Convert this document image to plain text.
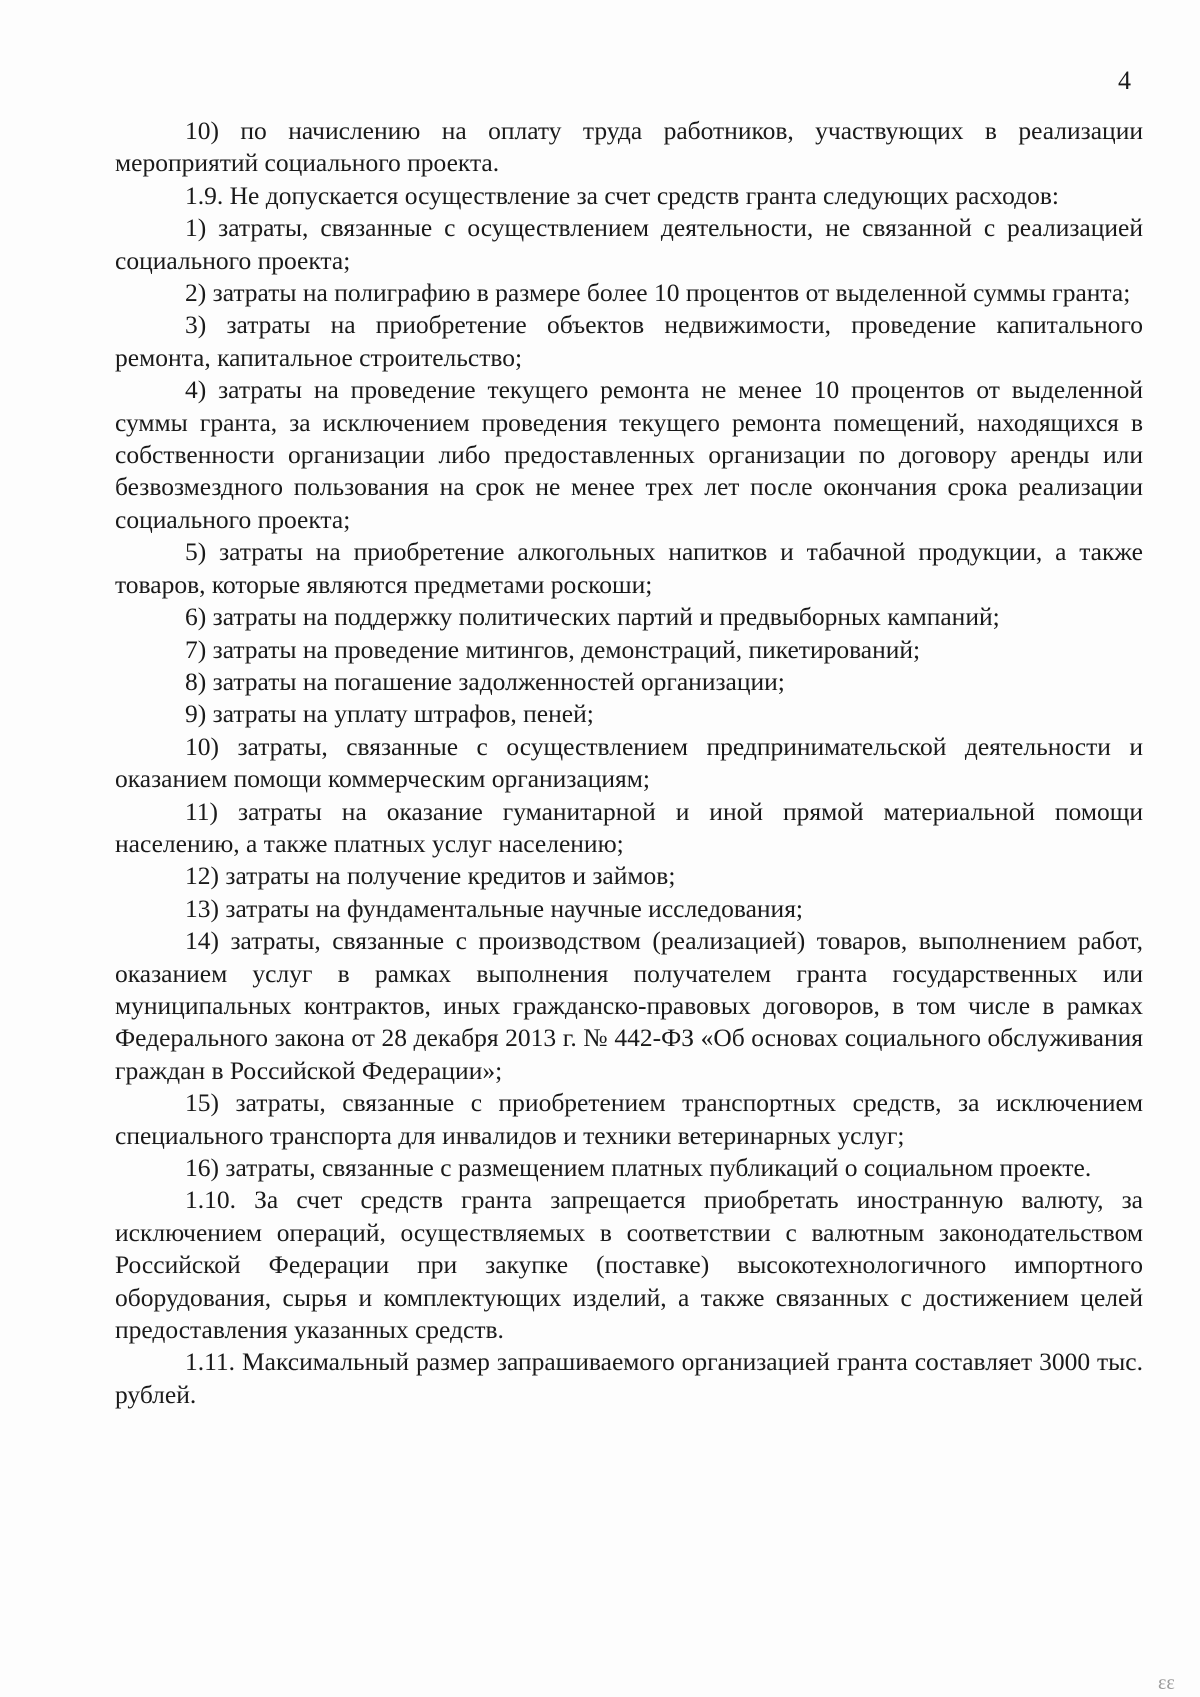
4

10) по начислению на оплату труда работников, участвующих в реализации мероприятий социального проекта.

1.9. Не допускается осуществление за счет средств гранта следующих расходов:

1) затраты, связанные с осуществлением деятельности, не связанной с реализацией социального проекта;

2) затраты на полиграфию в размере более 10 процентов от выделенной суммы гранта;

3) затраты на приобретение объектов недвижимости, проведение капитального ремонта, капитальное строительство;

4) затраты на проведение текущего ремонта не менее 10 процентов от выделенной суммы гранта, за исключением проведения текущего ремонта помещений, находящихся в собственности организации либо предоставленных организации по договору аренды или безвозмездного пользования на срок не менее трех лет после окончания срока реализации социального проекта;

5) затраты на приобретение алкогольных напитков и табачной продукции, а также товаров, которые являются предметами роскоши;

6) затраты на поддержку политических партий и предвыборных кампаний;

7) затраты на проведение митингов, демонстраций, пикетирований;

8) затраты на погашение задолженностей организации;

9) затраты на уплату штрафов, пеней;

10) затраты, связанные с осуществлением предпринимательской деятельности и оказанием помощи коммерческим организациям;

11) затраты на оказание гуманитарной и иной прямой материальной помощи населению, а также платных услуг населению;

12) затраты на получение кредитов и займов;

13) затраты на фундаментальные научные исследования;

14) затраты, связанные с производством (реализацией) товаров, выполнением работ, оказанием услуг в рамках выполнения получателем гранта государственных или муниципальных контрактов, иных гражданско-правовых договоров, в том числе в рамках Федерального закона от 28 декабря 2013 г. № 442-ФЗ «Об основах социального обслуживания граждан в Российской Федерации»;

15) затраты, связанные с приобретением транспортных средств, за исключением специального транспорта для инвалидов и техники ветеринарных услуг;

16) затраты, связанные с размещением платных публикаций о социальном проекте.

1.10. За счет средств гранта запрещается приобретать иностранную валюту, за исключением операций, осуществляемых в соответствии с валютным законодательством Российской Федерации при закупке (поставке) высокотехнологичного импортного оборудования, сырья и комплектующих изделий, а также связанных с достижением целей предоставления указанных средств.

1.11. Максимальный размер запрашиваемого организацией гранта составляет 3000 тыс. рублей.

ɛɛ
